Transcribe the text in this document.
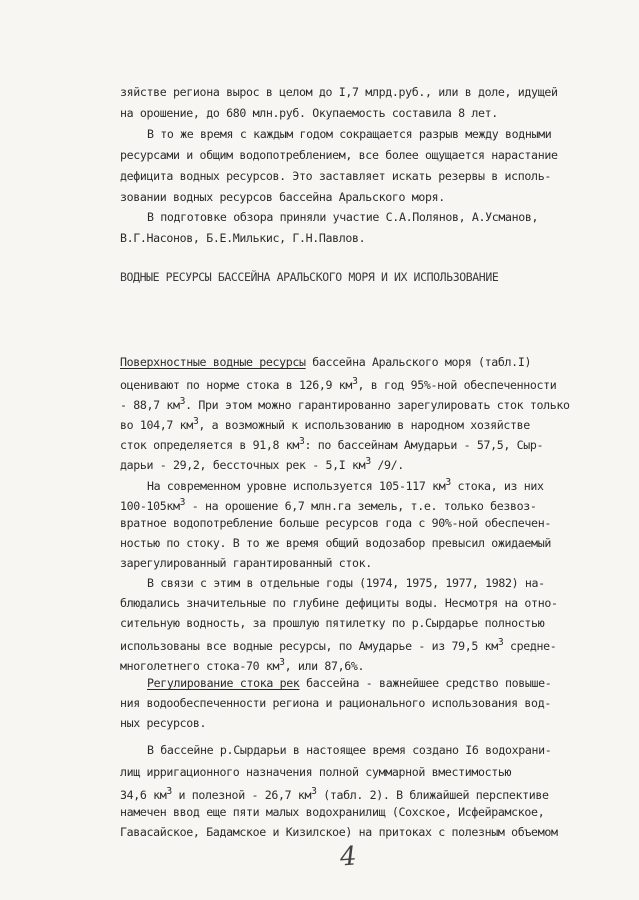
зяйстве региона вырос в целом до I,7 млрд.руб., или в доле, идущей
на орошение, до 680 млн.руб. Окупаемость составила 8 лет.
В то же время с каждым годом сокращается разрыв между водными
ресурсами и общим водопотреблением, все более ощущается нарастание
дефицита водных ресурсов. Это заставляет искать резервы в исполь-
зовании водных ресурсов бассейна Аральского моря.
В подготовке обзора приняли участие С.А.Полянов, А.Усманов,
В.Г.Насонов, Б.Е.Милькис, Г.Н.Павлов.
ВОДНЫЕ РЕСУРСЫ БАССЕЙНА АРАЛЬСКОГО МОРЯ И ИХ ИСПОЛЬЗОВАНИЕ
Поверхностные водные ресурсы бассейна Аральского моря (табл.I)
оценивают по норме стока в 126,9 $км^3$, в год 95%-ной обеспеченности
- 88,7 $км^3$. При этом можно гарантированно зарегулировать сток только
во 104,7 $км^3$, а возможный к использованию в народном хозяйстве
сток определяется в 91,8 $км^3$: по бассейнам Амударьи - 57,5, Сыр-
дарьи - 29,2, бессточных рек - 5,I $км^3$ /9/.
На современном уровне используется 105-117 $км^3$ стока, из них
$100-105км^3$ - на орошение 6,7 млн.га земель, т.е. только безвоз-
вратное водопотребление больше ресурсов года с 90%-ной обеспечен-
ностью по стоку. В то же время общий водозабор превысил ожидаемый
зарегулированный гарантированный сток.
В связи с этим в отдельные годы (1974, 1975, 1977, 1982) на-
блюдались значительные по глубине дефициты воды. Несмотря на отно-
сительную водность, за прошлую пятилетку по р.Сырдарье полностью
использованы все водные ресурсы, по Амударье - из 79,5 $км^3$ средне-
многолетнего стока-70 $км^3$, или 87,6%.
Регулирование стока рек бассейна - важнейшее средство повыше-
ния водообеспеченности региона и рационального использования вод-
ных ресурсов.
В бассейне р.Сырдарьи в настоящее время создано I6 водохрани-
лищ ирригационного назначения полной суммарной вместимостью
34,6 $км^3$ и полезной - 26,7 $км^3$ (табл. 2). В ближайшей перспективе
намечен ввод еще пяти малых водохранилищ (Сохское, Исфейрамское,
Гавасайское, Бадамское и Кизилское) на притоках с полезным объемом
4
